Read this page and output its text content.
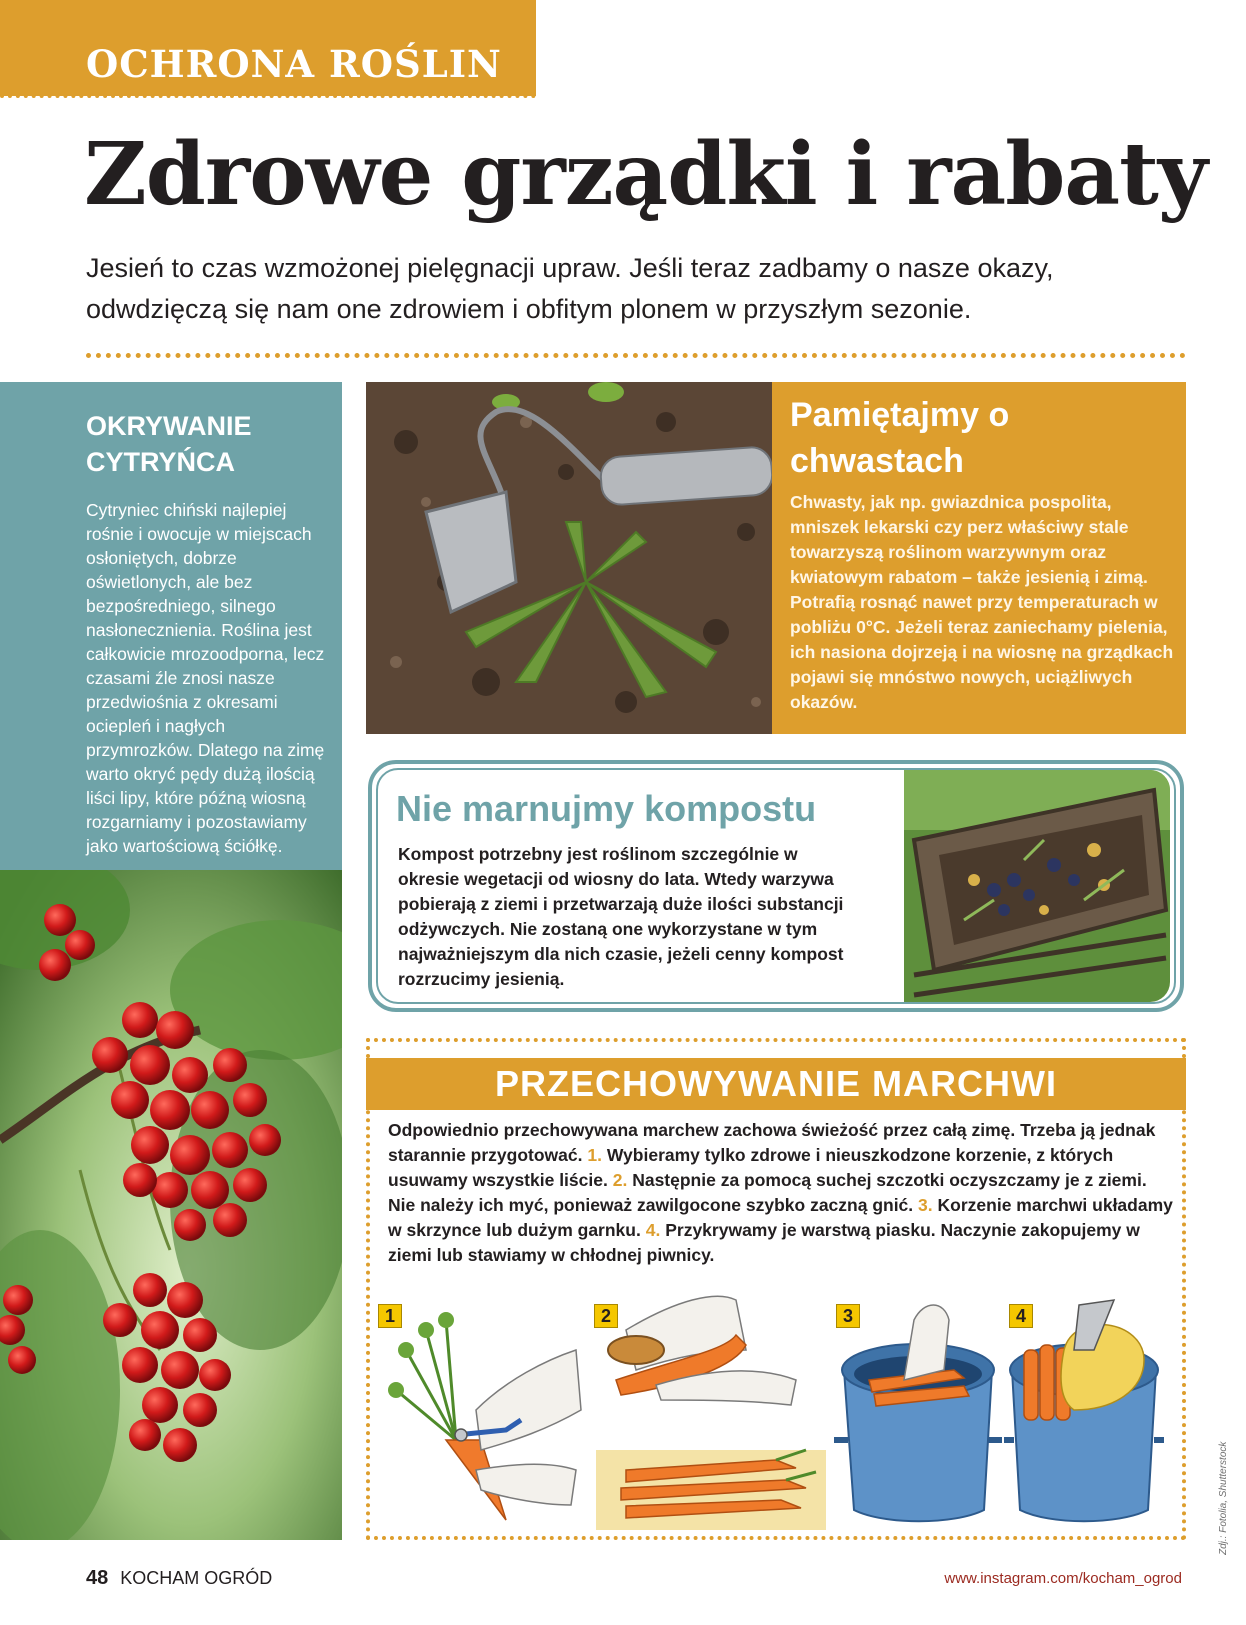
OCHRONA ROŚLIN
Zdrowe grządki i rabaty

Jesień to czas wzmożonej pielęgnacji upraw. Jeśli teraz zadbamy o nasze okazy, odwdzięczą się nam one zdrowiem i obfitym plonem w przyszłym sezonie.

OKRYWANIE CYTRYŃCA

Cytryniec chiński najlepiej rośnie i owocuje w miejscach osłoniętych, dobrze oświetlonych, ale bez bezpośredniego, silnego nasłonecznienia. Roślina jest całkowicie mrozoodporna, lecz czasami źle znosi nasze przedwiośnia z okresami ociepleń i nagłych przymrozków. Dlatego na zimę warto okryć pędy dużą ilością liści lipy, które późną wiosną rozgarniamy i pozostawiamy jako wartościową ściółkę.

Pamiętajmy o chwastach

Chwasty, jak np. gwiazdnica pospolita, mniszek lekarski czy perz właściwy stale towarzyszą roślinom warzywnym oraz kwiatowym rabatom – także jesienią i zimą. Potrafią rosnąć nawet przy temperaturach w pobliżu 0°C. Jeżeli teraz zaniechamy pielenia, ich nasiona dojrzeją i na wiosnę na grządkach pojawi się mnóstwo nowych, uciążliwych okazów.

Nie marnujmy kompostu

Kompost potrzebny jest roślinom szczególnie w okresie wegetacji od wiosny do lata. Wtedy warzywa pobierają z ziemi i przetwarzają duże ilości substancji odżywczych. Nie zostaną one wykorzystane w tym najważniejszym dla nich czasie, jeżeli cenny kompost rozrzucimy jesienią.

PRZECHOWYWANIE MARCHWI

Odpowiednio przechowywana marchew zachowa świeżość przez całą zimę. Trzeba ją jednak starannie przygotować. 1. Wybieramy tylko zdrowe i nieuszkodzone korzenie, z których usuwamy wszystkie liście. 2. Następnie za pomocą suchej szczotki oczyszczamy je z ziemi. Nie należy ich myć, ponieważ zawilgocone szybko zaczną gnić. 3. Korzenie marchwi układamy w skrzynce lub dużym garnku. 4. Przykrywamy je warstwą piasku. Naczynie zakopujemy w ziemi lub stawiamy w chłodnej piwnicy.

1	2	3	4
Zdj.: Fotolia, Shutterstock
48 KOCHAM OGRÓD	www.instagram.com/kocham_ogrod
